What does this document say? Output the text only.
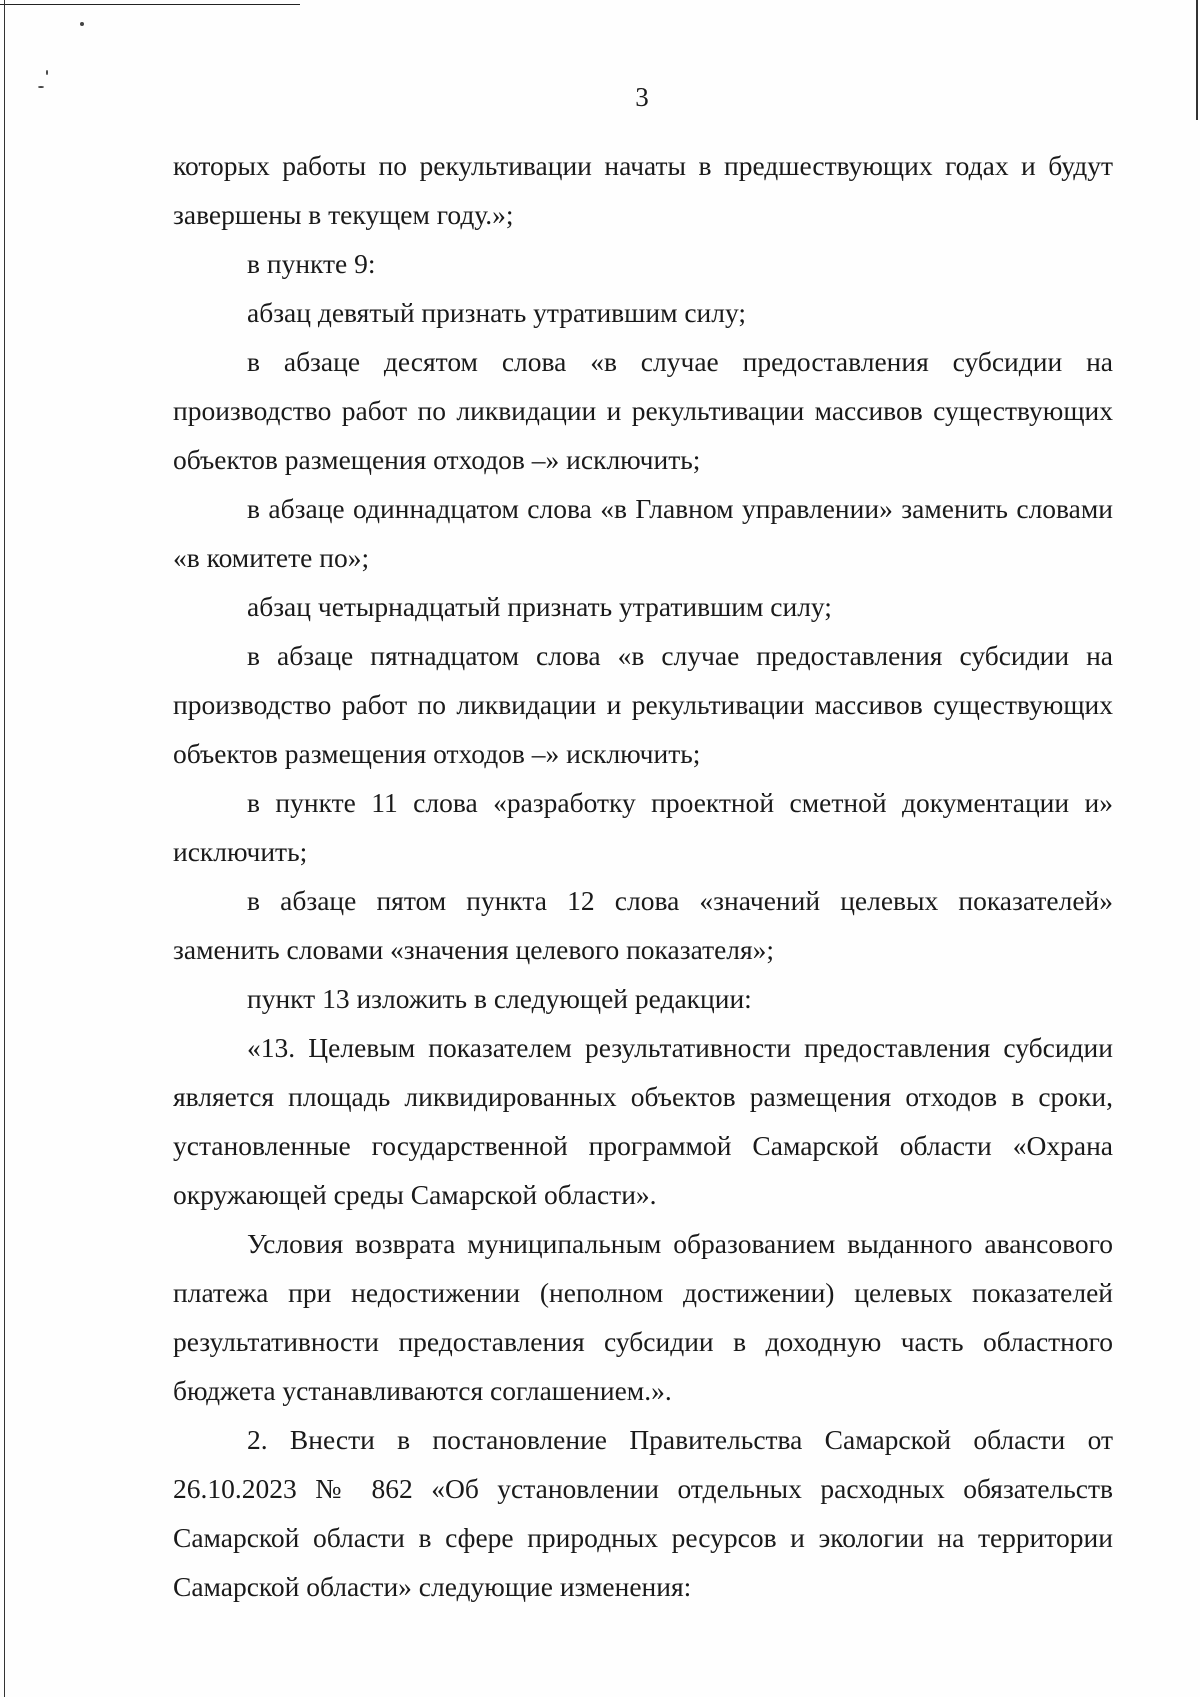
3

которых работы по рекультивации начаты в предшествующих годах и будут завершены в текущем году.»;

в пункте 9:

абзац девятый признать утратившим силу;

в абзаце десятом слова «в случае предоставления субсидии на производство работ по ликвидации и рекультивации массивов существующих объектов размещения отходов –» исключить;

в абзаце одиннадцатом слова «в Главном управлении» заменить словами «в комитете по»;

абзац четырнадцатый признать утратившим силу;

в абзаце пятнадцатом слова «в случае предоставления субсидии на производство работ по ликвидации и рекультивации массивов существующих объектов размещения отходов –» исключить;

в пункте 11 слова «разработку проектной сметной документации и» исключить;

в абзаце пятом пункта 12 слова «значений целевых показателей» заменить словами «значения целевого показателя»;

пункт 13 изложить в следующей редакции:

«13. Целевым показателем результативности предоставления субсидии является площадь ликвидированных объектов размещения отходов в сроки, установленные государственной программой Самарской области «Охрана окружающей среды Самарской области».

Условия возврата муниципальным образованием выданного авансового платежа при недостижении (неполном достижении) целевых показателей результативности предоставления субсидии в доходную часть областного бюджета устанавливаются соглашением.».

2. Внести в постановление Правительства Самарской области от 26.10.2023 № 862 «Об установлении отдельных расходных обязательств Самарской области в сфере природных ресурсов и экологии на территории Самарской области» следующие изменения:
